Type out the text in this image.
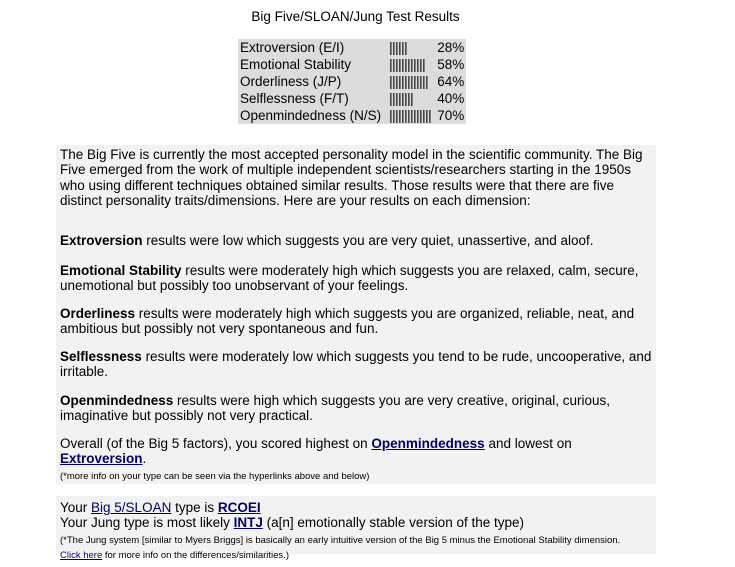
Big Five/SLOAN/Jung Test Results
Extroversion (E/I)	||||||	28%
Emotional Stability	||||||||||||	58%
Orderliness (J/P)	|||||||||||||	64%
Selflessness (F/T)	||||||||	40%
Openmindedness (N/S)	||||||||||||||	70%

The Big Five is currently the most accepted personality model in the scientific community. The Big Five emerged from the work of multiple independent scientists/researchers starting in the 1950s who using different techniques obtained similar results. Those results were that there are five distinct personality traits/dimensions. Here are your results on each dimension:

Extroversion results were low which suggests you are very quiet, unassertive, and aloof.

Emotional Stability results were moderately high which suggests you are relaxed, calm, secure, unemotional but possibly too unobservant of your feelings.

Orderliness results were moderately high which suggests you are organized, reliable, neat, and ambitious but possibly not very spontaneous and fun.

Selflessness results were moderately low which suggests you tend to be rude, uncooperative, and irritable.

Openmindedness results were high which suggests you are very creative, original, curious, imaginative but possibly not very practical.

Overall (of the Big 5 factors), you scored highest on Openmindedness and lowest on Extroversion.
(*more info on your type can be seen via the hyperlinks above and below)

Your Big 5/SLOAN type is RCOEI
Your Jung type is most likely INTJ (a[n] emotionally stable version of the type)
(*The Jung system [similar to Myers Briggs] is basically an early intuitive version of the Big 5 minus the Emotional Stability dimension.
Click here for more info on the differences/similarities.)
